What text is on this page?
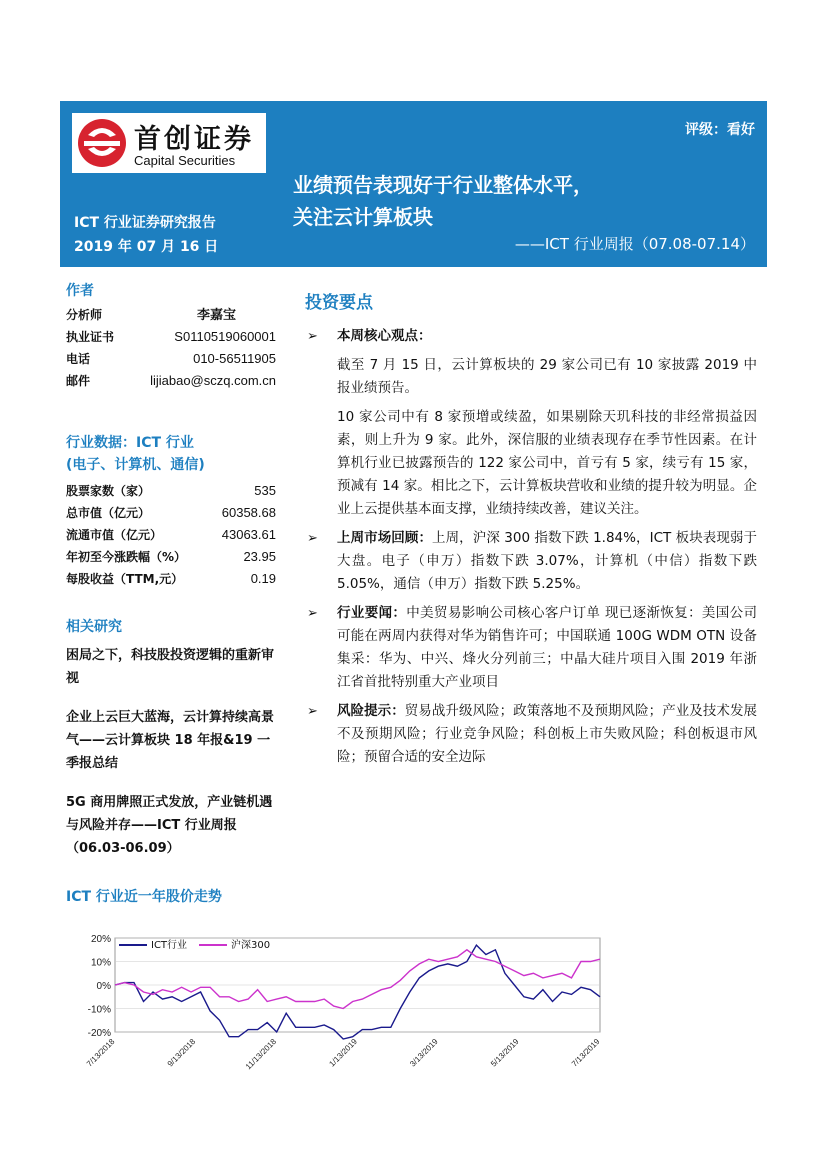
首创证券
Capital Securities
评级：看好
业绩预告表现好于行业整体水平，
关注云计算板块
——ICT 行业周报（07.08-07.14）
ICT 行业证券研究报告
2019 年 07 月 16 日
作者
分析师	李嘉宝
执业证书	S0110519060001
电话	010-56511905
邮件	lijiabao@sczq.com.cn
行业数据：ICT 行业
(电子、计算机、通信)
股票家数（家）	535
总市值（亿元）	60358.68
流通市值（亿元）	43063.61
年初至今涨跌幅（%）	23.95
每股收益（TTM,元）	0.19
相关研究
困局之下，科技股投资逻辑的重新审视
企业上云巨大蓝海，云计算持续高景气——云计算板块 18 年报&19 一季报总结
5G 商用牌照正式发放，产业链机遇与风险并存——ICT 行业周报（06.03-06.09）
投资要点
➢ 本周核心观点：
截至 7 月 15 日，云计算板块的 29 家公司已有 10 家披露 2019 中报业绩预告。
10 家公司中有 8 家预增或续盈，如果剔除天玑科技的非经常损益因素，则上升为 9 家。此外，深信服的业绩表现存在季节性因素。在计算机行业已披露预告的 122 家公司中，首亏有 5 家，续亏有 15 家，预减有 14 家。相比之下，云计算板块营收和业绩的提升较为明显。企业上云提供基本面支撑，业绩持续改善，建议关注。
➢ 上周市场回顾：上周，沪深 300 指数下跌 1.84%，ICT 板块表现弱于大盘。电子（申万）指数下跌 3.07%，计算机（中信）指数下跌 5.05%，通信（申万）指数下跌 5.25%。
➢ 行业要闻：中美贸易影响公司核心客户订单 现已逐渐恢复：美国公司可能在两周内获得对华为销售许可；中国联通 100G WDM OTN 设备集采：华为、中兴、烽火分列前三；中晶大硅片项目入围 2019 年浙江省首批特别重大产业项目
➢ 风险提示：贸易战升级风险；政策落地不及预期风险；产业及技术发展不及预期风险；行业竞争风险；科创板上市失败风险；科创板退市风险；预留合适的安全边际
ICT 行业近一年股价走势
20%
10%
0%
-10%
-20%
7/13/2018	9/13/2018	11/13/2018	1/13/2019	3/13/2019	5/13/2019	7/13/2019
ICT行业	沪深300
